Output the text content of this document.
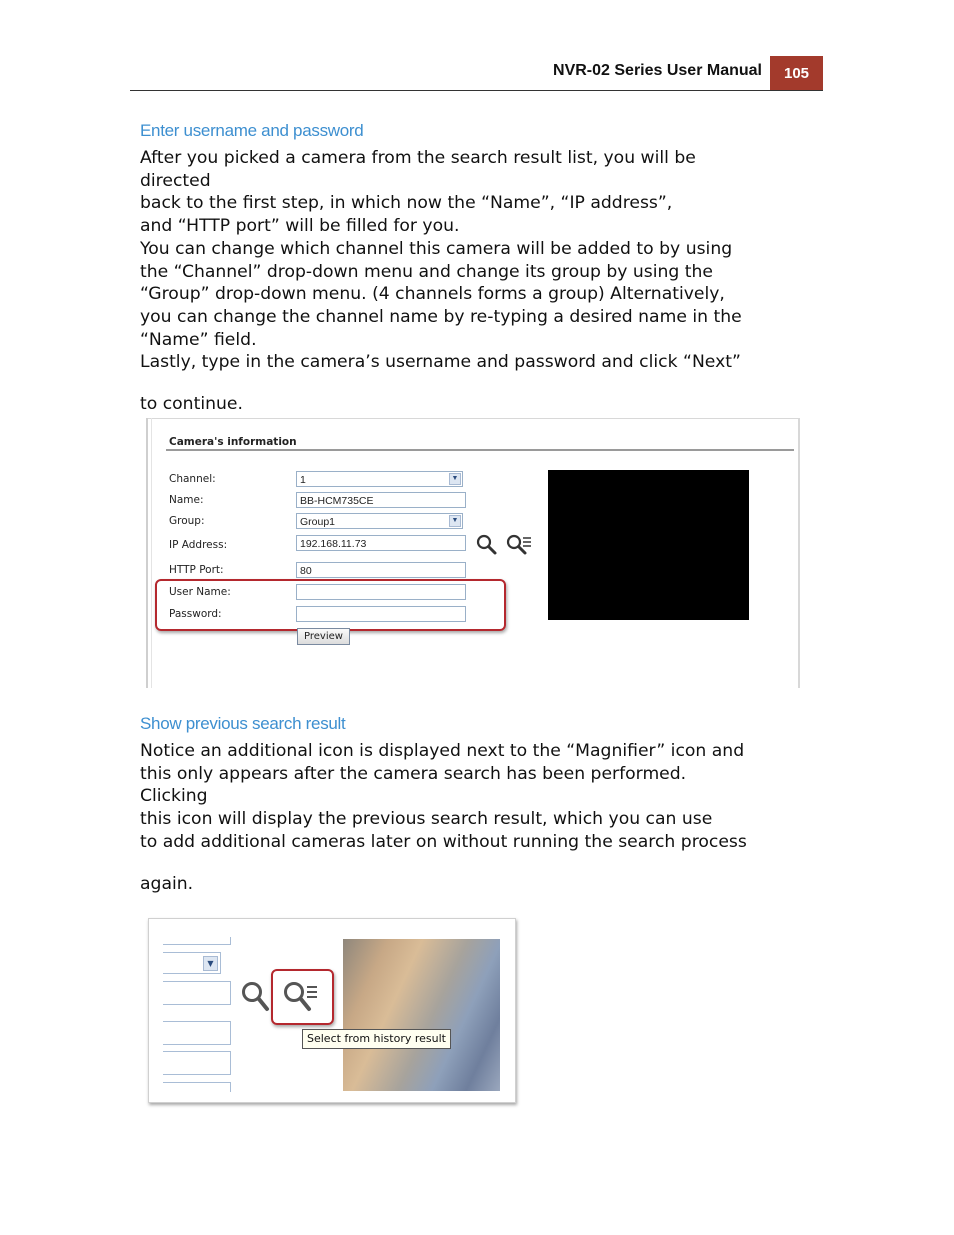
NVR-02 Series User Manual	105
Enter username and password

After you picked a camera from the search result list, you will be

directed

back to the first step, in which now the “Name”, “IP address”,

and “HTTP port” will be filled for you.

You can change which channel this camera will be added to by using

the “Channel” drop-down menu and change its group by using the

“Group” drop-down menu. (4 channels forms a group) Alternatively,

you can change the channel name by re-typing a desired name in the

“Name” field.

Lastly, type in the camera’s username and password and click “Next”

to continue.
Camera's information
Channel:	1	▼
Name:	BB-HCM735CE
Group:	Group1	▼
IP Address:	192.168.11.73
HTTP Port:	80
User Name:
Password:
Preview
Show previous search result

Notice an additional icon is displayed next to the “Magnifier” icon and

this only appears after the camera search has been performed.

Clicking

this icon will display the previous search result, which you can use

to add additional cameras later on without running the search process

again.
▼
Select from history result
